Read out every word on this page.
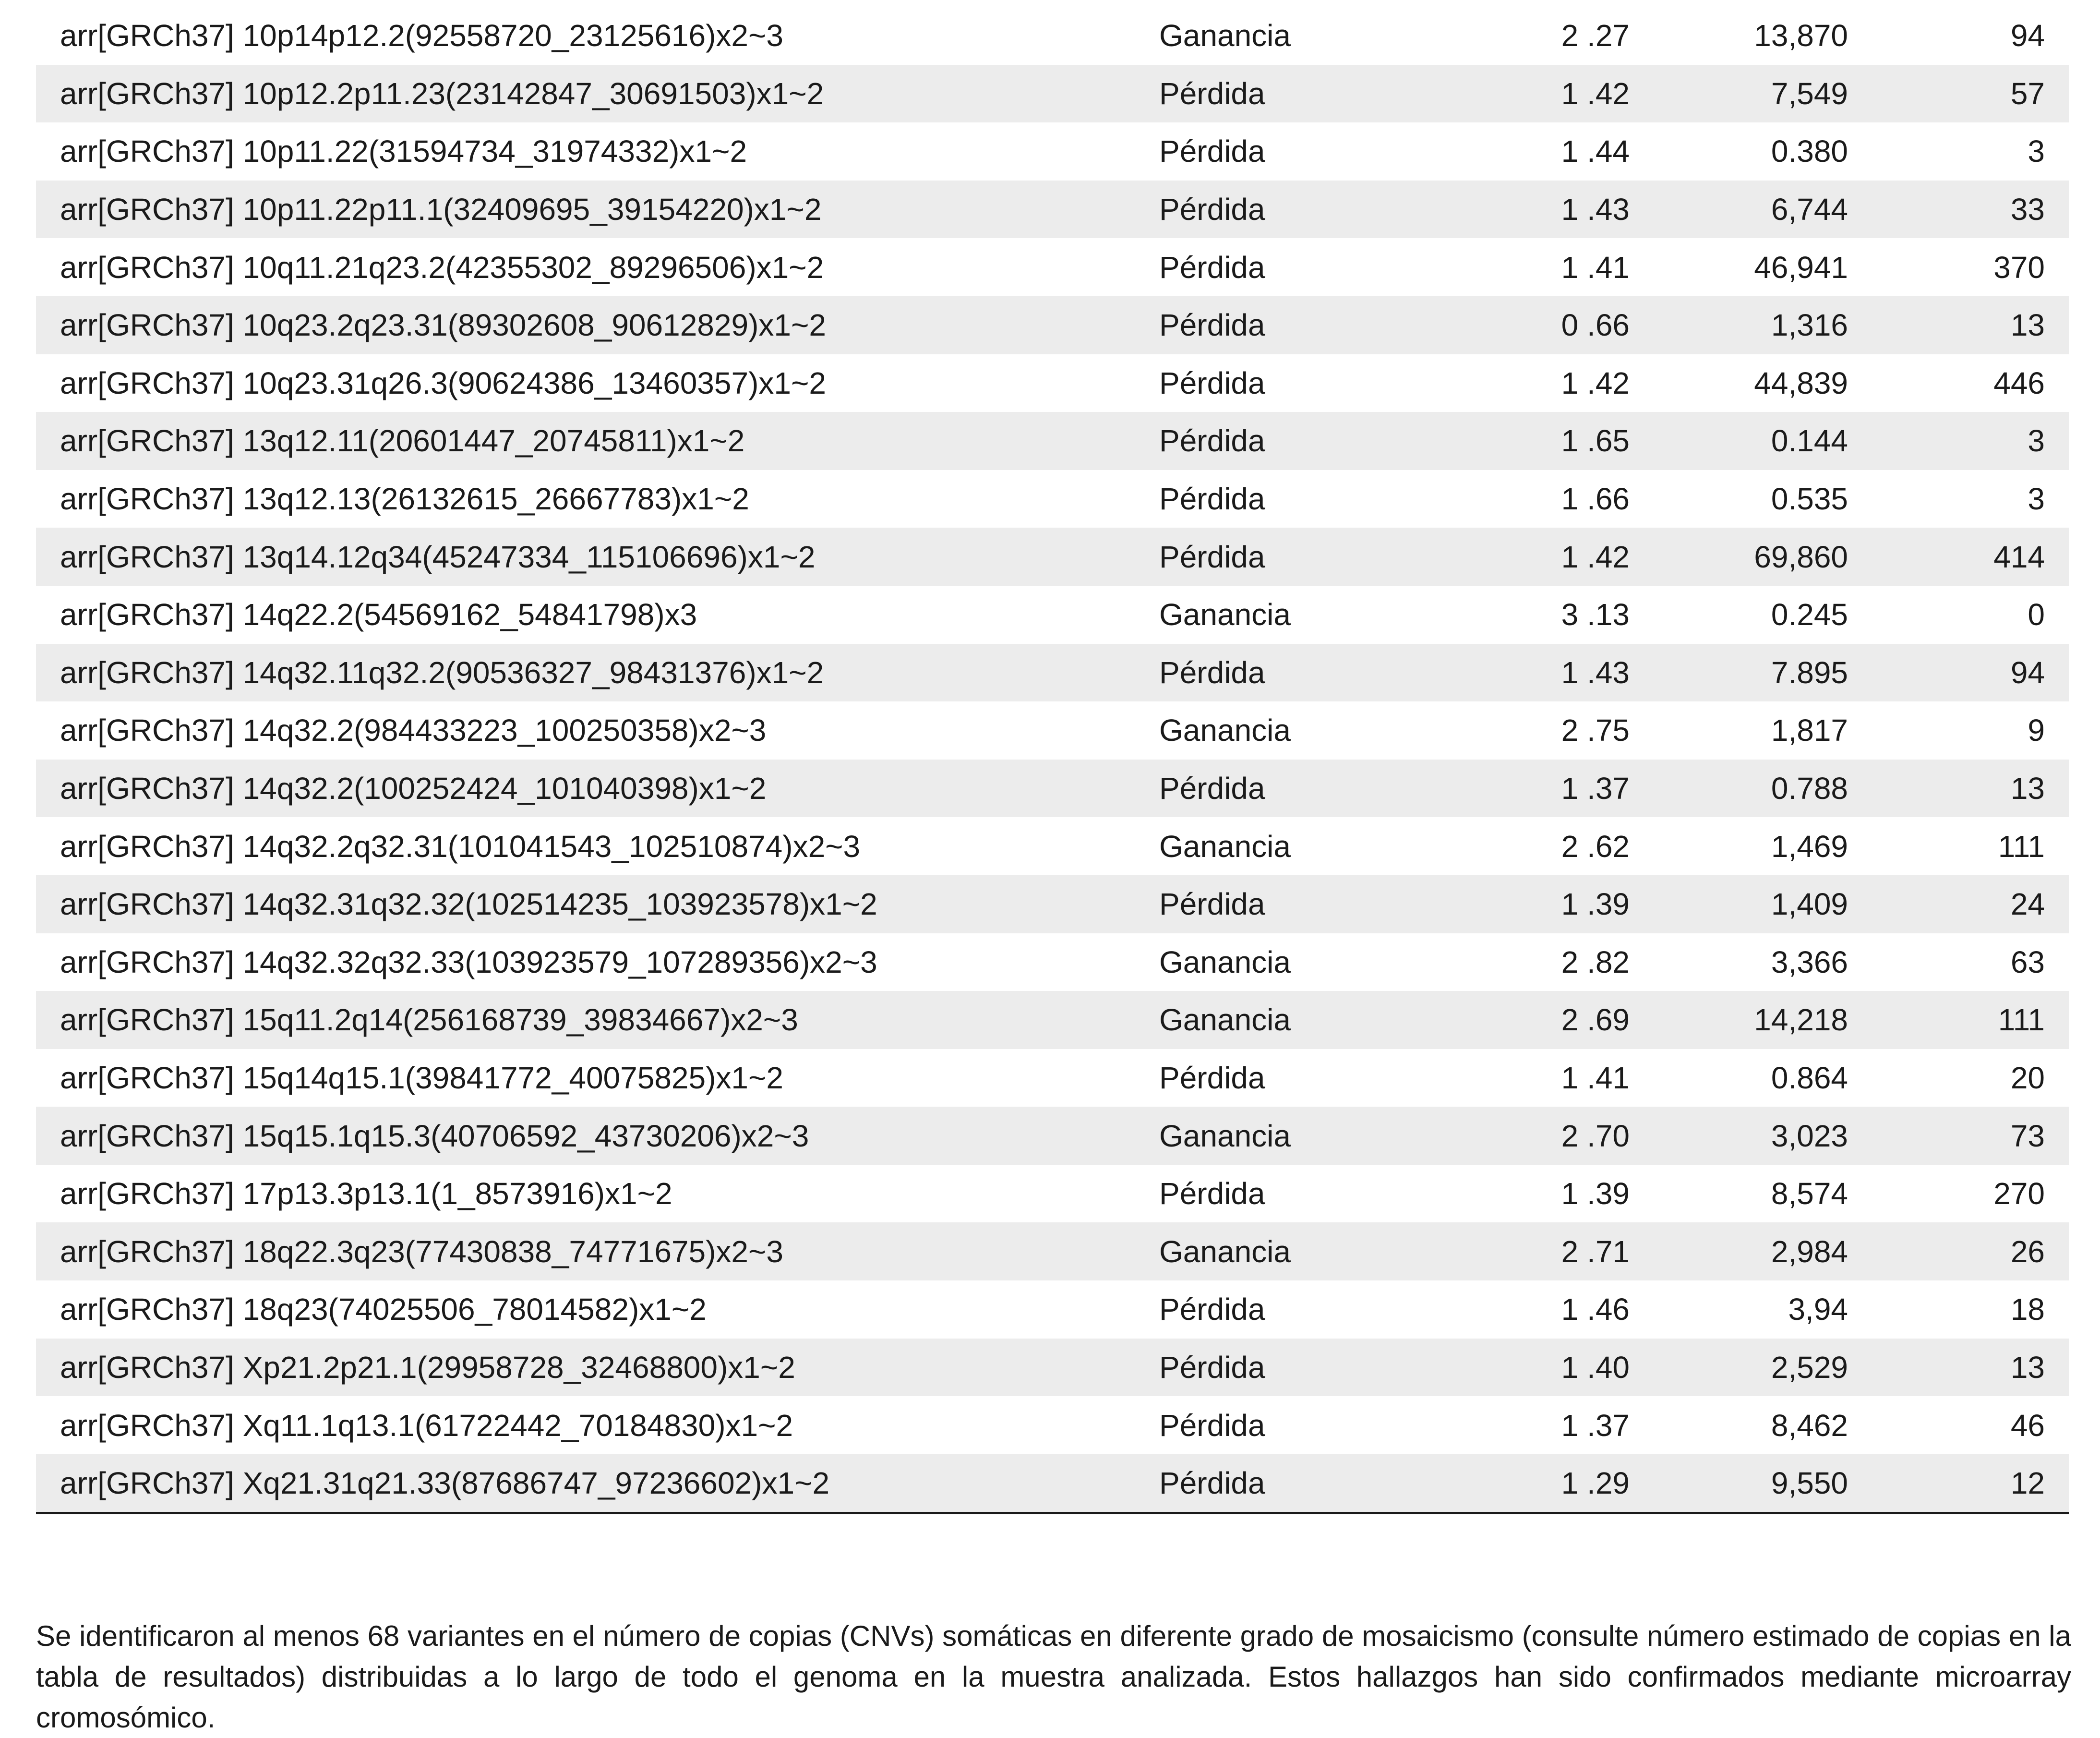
arr[GRCh37] 10p14p12.2(92558720_23125616)x2~3	Ganancia	2 .27	13,870	94
arr[GRCh37] 10p12.2p11.23(23142847_30691503)x1~2	Pérdida	1 .42	7,549	57
arr[GRCh37] 10p11.22(31594734_31974332)x1~2	Pérdida	1 .44	0.380	3
arr[GRCh37] 10p11.22p11.1(32409695_39154220)x1~2	Pérdida	1 .43	6,744	33
arr[GRCh37] 10q11.21q23.2(42355302_89296506)x1~2	Pérdida	1 .41	46,941	370
arr[GRCh37] 10q23.2q23.31(89302608_90612829)x1~2	Pérdida	0 .66	1,316	13
arr[GRCh37] 10q23.31q26.3(90624386_13460357)x1~2	Pérdida	1 .42	44,839	446
arr[GRCh37] 13q12.11(20601447_20745811)x1~2	Pérdida	1 .65	0.144	3
arr[GRCh37] 13q12.13(26132615_26667783)x1~2	Pérdida	1 .66	0.535	3
arr[GRCh37] 13q14.12q34(45247334_115106696)x1~2	Pérdida	1 .42	69,860	414
arr[GRCh37] 14q22.2(54569162_54841798)x3	Ganancia	3 .13	0.245	0
arr[GRCh37] 14q32.11q32.2(90536327_98431376)x1~2	Pérdida	1 .43	7.895	94
arr[GRCh37] 14q32.2(984433223_100250358)x2~3	Ganancia	2 .75	1,817	9
arr[GRCh37] 14q32.2(100252424_101040398)x1~2	Pérdida	1 .37	0.788	13
arr[GRCh37] 14q32.2q32.31(101041543_102510874)x2~3	Ganancia	2 .62	1,469	111
arr[GRCh37] 14q32.31q32.32(102514235_103923578)x1~2	Pérdida	1 .39	1,409	24
arr[GRCh37] 14q32.32q32.33(103923579_107289356)x2~3	Ganancia	2 .82	3,366	63
arr[GRCh37] 15q11.2q14(256168739_39834667)x2~3	Ganancia	2 .69	14,218	111
arr[GRCh37] 15q14q15.1(39841772_40075825)x1~2	Pérdida	1 .41	0.864	20
arr[GRCh37] 15q15.1q15.3(40706592_43730206)x2~3	Ganancia	2 .70	3,023	73
arr[GRCh37] 17p13.3p13.1(1_8573916)x1~2	Pérdida	1 .39	8,574	270
arr[GRCh37] 18q22.3q23(77430838_74771675)x2~3	Ganancia	2 .71	2,984	26
arr[GRCh37] 18q23(74025506_78014582)x1~2	Pérdida	1 .46	3,94	18
arr[GRCh37] Xp21.2p21.1(29958728_32468800)x1~2	Pérdida	1 .40	2,529	13
arr[GRCh37] Xq11.1q13.1(61722442_70184830)x1~2	Pérdida	1 .37	8,462	46
arr[GRCh37] Xq21.31q21.33(87686747_97236602)x1~2	Pérdida	1 .29	9,550	12
Se identificaron al menos 68 variantes en el número de copias (CNVs) somáticas en diferente grado de mosaicismo (consulte número estimado de copias en la tabla de resultados) distribuidas a lo largo de todo el genoma en la muestra analizada. Estos hallazgos han sido confirmados mediante microarray cromosómico.
